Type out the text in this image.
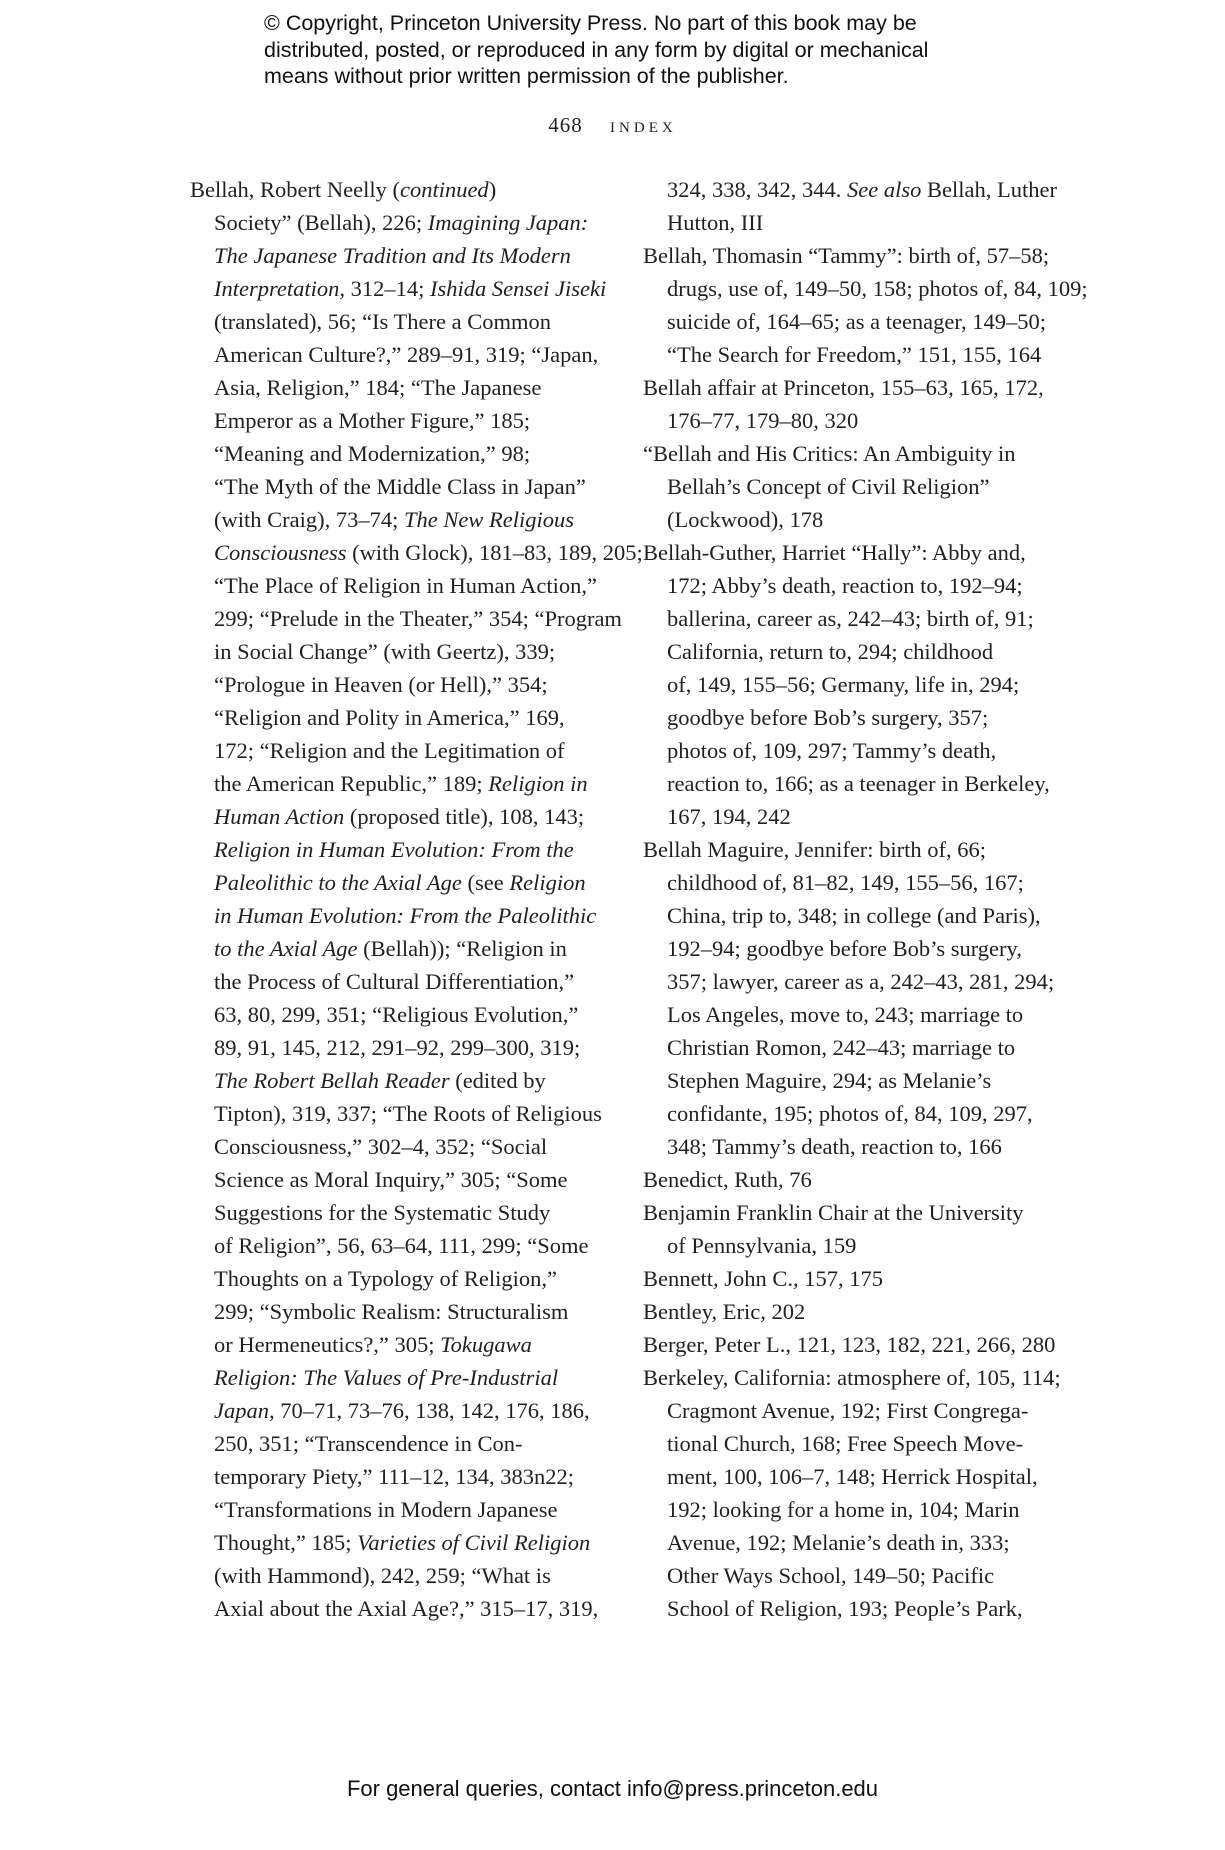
© Copyright, Princeton University Press. No part of this book may be
distributed, posted, or reproduced in any form by digital or mechanical
means without prior written permission of the publisher.
468 index
Bellah, Robert Neelly (continued)
Society” (Bellah), 226; Imagining Japan:
The Japanese Tradition and Its Modern
Interpretation, 312–14; Ishida Sensei Jiseki
(translated), 56; “Is There a Common
American Culture?,” 289–91, 319; “Japan,
Asia, Religion,” 184; “The Japanese
Emperor as a Mother Figure,” 185;
“Meaning and Modernization,” 98;
“The Myth of the Middle Class in Japan”
(with Craig), 73–74; The New Religious
Consciousness (with Glock), 181–83, 189, 205;
“The Place of Religion in Human Action,”
299; “Prelude in the Theater,” 354; “Program
in Social Change” (with Geertz), 339;
“Prologue in Heaven (or Hell),” 354;
“Religion and Polity in America,” 169,
172; “Religion and the Legitimation of
the American Republic,” 189; Religion in
Human Action (proposed title), 108, 143;
Religion in Human Evolution: From the
Paleolithic to the Axial Age (see Religion
in Human Evolution: From the Paleolithic
to the Axial Age (Bellah)); “Religion in
the Process of Cultural Differentiation,”
63, 80, 299, 351; “Religious Evolution,”
89, 91, 145, 212, 291–92, 299–300, 319;
The Robert Bellah Reader (edited by
Tipton), 319, 337; “The Roots of Religious
Consciousness,” 302–4, 352; “Social
Science as Moral Inquiry,” 305; “Some
Suggestions for the Systematic Study
of Religion”, 56, 63–64, 111, 299; “Some
Thoughts on a Typology of Religion,”
299; “Symbolic Realism: Structuralism
or Hermeneutics?,” 305; Tokugawa
Religion: The Values of Pre-Industrial
Japan, 70–71, 73–76, 138, 142, 176, 186,
250, 351; “Transcendence in Con-
temporary Piety,” 111–12, 134, 383n22;
“Transformations in Modern Japanese
Thought,” 185; Varieties of Civil Religion
(with Hammond), 242, 259; “What is
Axial about the Axial Age?,” 315–17, 319,
324, 338, 342, 344. See also Bellah, Luther
Hutton, III
Bellah, Thomasin “Tammy”: birth of, 57–58;
drugs, use of, 149–50, 158; photos of, 84, 109;
suicide of, 164–65; as a teenager, 149–50;
“The Search for Freedom,” 151, 155, 164
Bellah affair at Princeton, 155–63, 165, 172,
176–77, 179–80, 320
“Bellah and His Critics: An Ambiguity in
Bellah’s Concept of Civil Religion”
(Lockwood), 178
Bellah-Guther, Harriet “Hally”: Abby and,
172; Abby’s death, reaction to, 192–94;
ballerina, career as, 242–43; birth of, 91;
California, return to, 294; childhood
of, 149, 155–56; Germany, life in, 294;
goodbye before Bob’s surgery, 357;
photos of, 109, 297; Tammy’s death,
reaction to, 166; as a teenager in Berkeley,
167, 194, 242
Bellah Maguire, Jennifer: birth of, 66;
childhood of, 81–82, 149, 155–56, 167;
China, trip to, 348; in college (and Paris),
192–94; goodbye before Bob’s surgery,
357; lawyer, career as a, 242–43, 281, 294;
Los Angeles, move to, 243; marriage to
Christian Romon, 242–43; marriage to
Stephen Maguire, 294; as Melanie’s
confidante, 195; photos of, 84, 109, 297,
348; Tammy’s death, reaction to, 166
Benedict, Ruth, 76
Benjamin Franklin Chair at the University
of Pennsylvania, 159
Bennett, John C., 157, 175
Bentley, Eric, 202
Berger, Peter L., 121, 123, 182, 221, 266, 280
Berkeley, California: atmosphere of, 105, 114;
Cragmont Avenue, 192; First Congrega-
tional Church, 168; Free Speech Move-
ment, 100, 106–7, 148; Herrick Hospital,
192; looking for a home in, 104; Marin
Avenue, 192; Melanie’s death in, 333;
Other Ways School, 149–50; Pacific
School of Religion, 193; People’s Park,
For general queries, contact info@press.princeton.edu
